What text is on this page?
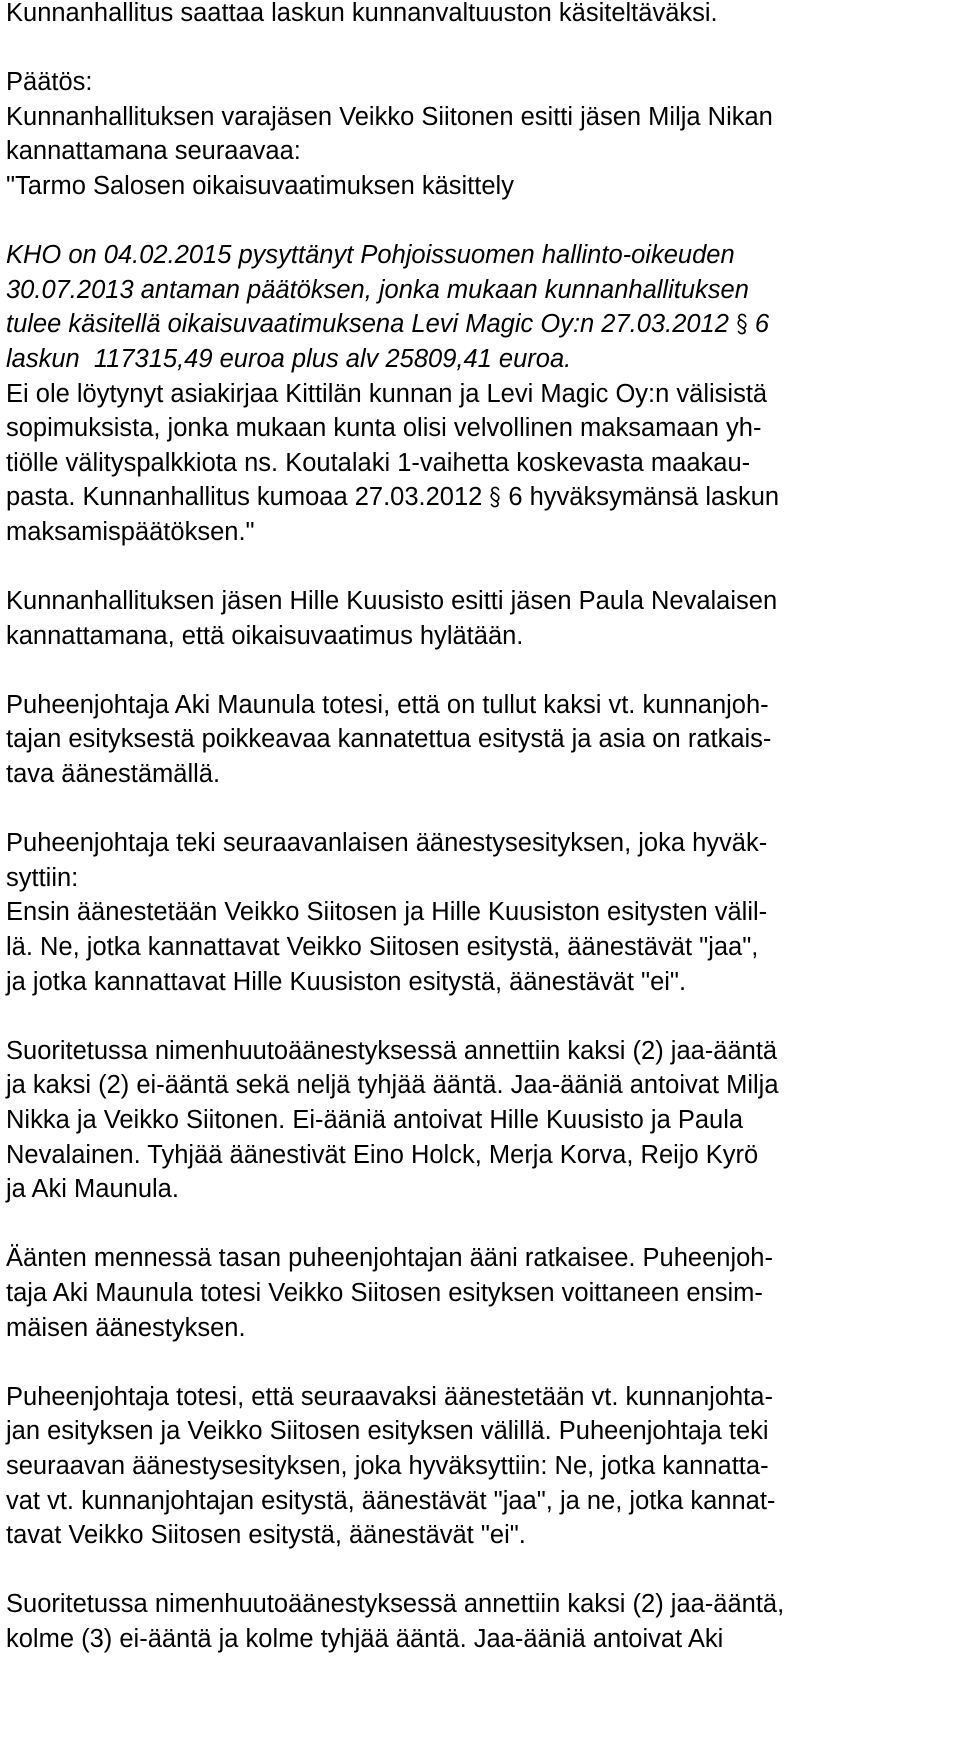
Kunnanhallitus saattaa laskun kunnanvaltuuston käsiteltäväksi.
Päätös:
Kunnanhallituksen varajäsen Veikko Siitonen esitti jäsen Milja Nikan
kannattamana seuraavaa:
"Tarmo Salosen oikaisuvaatimuksen käsittely
KHO on 04.02.2015 pysyttänyt Pohjoissuomen hallinto-oikeuden
30.07.2013 antaman päätöksen, jonka mukaan kunnanhallituksen
tulee käsitellä oikaisuvaatimuksena Levi Magic Oy:n 27.03.2012 6
laskun  117315,49 euroa plus alv 25809,41 euroa.
Ei ole löytynyt asiakirjaa Kittilän kunnan ja Levi Magic Oy:n välisistä
sopimuksista, jonka mukaan kunta olisi velvollinen maksamaan yh-
tiölle välityspalkkiota ns. Koutalaki 1-vaihetta koskevasta maakau-
pasta. Kunnanhallitus kumoaa 27.03.2012 6 hyväksymänsä laskun
maksamispäätöksen."
Kunnanhallituksen jäsen Hille Kuusisto esitti jäsen Paula Nevalaisen
kannattamana, että oikaisuvaatimus hylätään.
Puheenjohtaja Aki Maunula totesi, että on tullut kaksi vt. kunnanjoh-
tajan esityksestä poikkeavaa kannatettua esitystä ja asia on ratkais-
tava äänestämällä.
Puheenjohtaja teki seuraavanlaisen äänestysesityksen, joka hyväk-
syttiin:
Ensin äänestetään Veikko Siitosen ja Hille Kuusiston esitysten välil-
lä. Ne, jotka kannattavat Veikko Siitosen esitystä, äänestävät "jaa",
ja jotka kannattavat Hille Kuusiston esitystä, äänestävät "ei".
Suoritetussa nimenhuutoäänestyksessä annettiin kaksi (2) jaa-ääntä
ja kaksi (2) ei-ääntä sekä neljä tyhjää ääntä. Jaa-ääniä antoivat Milja
Nikka ja Veikko Siitonen. Ei-ääniä antoivat Hille Kuusisto ja Paula
Nevalainen. Tyhjää äänestivät Eino Holck, Merja Korva, Reijo Kyrö
ja Aki Maunula.
Äänten mennessä tasan puheenjohtajan ääni ratkaisee. Puheenjoh-
taja Aki Maunula totesi Veikko Siitosen esityksen voittaneen ensim-
mäisen äänestyksen.
Puheenjohtaja totesi, että seuraavaksi äänestetään vt. kunnanjohta-
jan esityksen ja Veikko Siitosen esityksen välillä. Puheenjohtaja teki
seuraavan äänestysesityksen, joka hyväksyttiin: Ne, jotka kannatta-
vat vt. kunnanjohtajan esitystä, äänestävät "jaa", ja ne, jotka kannat-
tavat Veikko Siitosen esitystä, äänestävät "ei".
Suoritetussa nimenhuutoäänestyksessä annettiin kaksi (2) jaa-ääntä,
kolme (3) ei-ääntä ja kolme tyhjää ääntä. Jaa-ääniä antoivat Aki
